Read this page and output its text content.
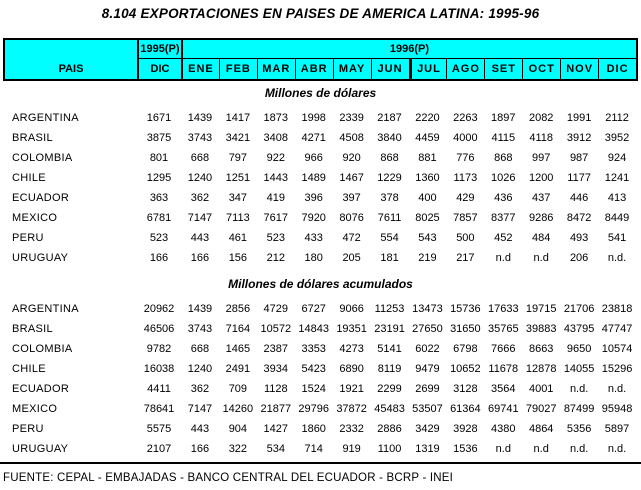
8.104 EXPORTACIONES EN PAISES DE AMERICA LATINA: 1995-96
PAIS
1995(P)	1996(P)
DIC	ENE	FEB	MAR ABR	MAY	JUN	JUL AGO	SET	OCT	NOV	DIC
Millones de dólares
ARGENTINA	1671	1439	1417	1873	1998	2339	2187	2220	2263	1897	2082	1991	2112
BRASIL	3875	3743	3421	3408	4271	4508	3840	4459	4000	4115	4118	3912	3952
COLOMBIA	801	668	797	922	966	920	868	881	776	868	997	987	924
CHILE	1295	1240	1251	1443	1489	1467	1229	1360	1173	1026	1200	1177	1241
ECUADOR	363	362	347	419	396	397	378	400	429	436	437	446	413
MEXICO	6781	7147	7113	7617	7920	8076	7611	8025	7857	8377	9286	8472	8449
PERU	523	443	461	523	433	472	554	543	500	452	484	493	541
URUGUAY	166	166	156	212	180	205	181	219	217	n.d	n.d	206	n.d.
Millones de dólares acumulados
ARGENTINA	20962	1439	2856	4729	6727	9066 11253 13473 15736 17633 19715 21706 23818
BRASIL	46506	3743	7164 10572 14843 19351 23191 27650 31650 35765 39883 43795 47747
COLOMBIA	9782	668	1465	2387	3353	4273	5141	6022	6798	7666	8663	9650 10574
CHILE	16038	1240	2491	3934	5423	6890	8119	9479 10652 11678 12878 14055 15296
ECUADOR	4411	362	709	1128	1524	1921	2299	2699	3128	3564	4001	n.d.	n.d.
MEXICO	78641	7147 14260 21877 29796 37872 45483 53507 61364 69741 79027 87499 95948
PERU	5575	443	904	1427	1860	2332	2886	3429	3928	4380	4864	5356	5897
URUGUAY	2107	166	322	534	714	919	1100	1319	1536	n.d	n.d	n.d.	n.d.
FUENTE: CEPAL - EMBAJADAS - BANCO CENTRAL DEL ECUADOR - BCRP - INEI
